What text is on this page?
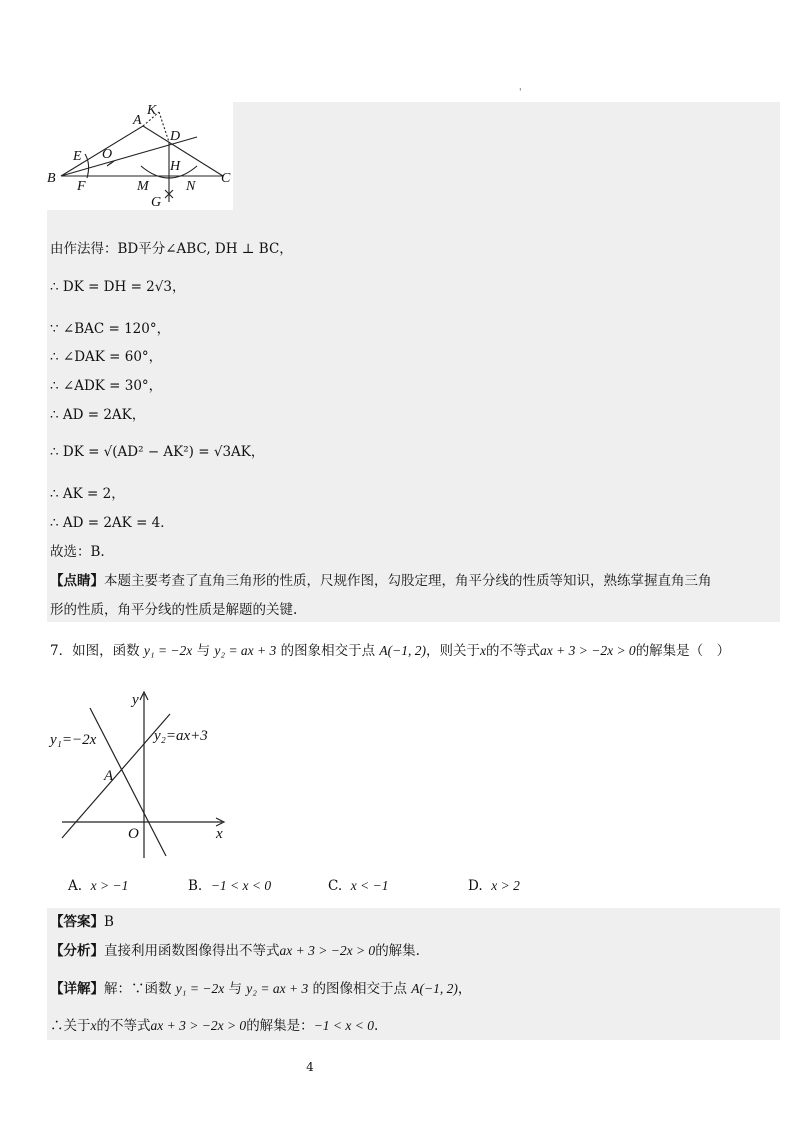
'
A
K
D
E O
H
B
F	M	N
C
G
由作法得：BD平分∠ABC, DH ⊥ BC，
∴ DK = DH = 2√3，
∵ ∠BAC = 120°，
∴ ∠DAK = 60°，
∴ ∠ADK = 30°，
∴ AD = 2AK，
∴ DK = √(AD² − AK²) = √3AK，
∴ AK = 2，
∴ AD = 2AK = 4．
故选：B.
【点睛】本题主要考查了直角三角形的性质，尺规作图，勾股定理，角平分线的性质等知识，熟练掌握直角三角
形的性质，角平分线的性质是解题的关键.
7．如图，函数 y₁ = −2x 与 y₂ = ax + 3 的图象相交于点 A(−1, 2)，则关于x的不等式ax + 3 > −2x > 0的解集是（　）
y
x
O
A
y₁=−2x	y₂=ax+3
A. x > −1	B. −1 < x < 0	C. x < −1	D. x > 2
【答案】B
【分析】直接利用函数图像得出不等式ax + 3 > −2x > 0的解集.
【详解】解：∵函数 y₁ = −2x 与 y₂ = ax + 3 的图像相交于点 A(−1, 2)，
∴关于x的不等式ax + 3 > −2x > 0的解集是：−1 < x < 0.
4
